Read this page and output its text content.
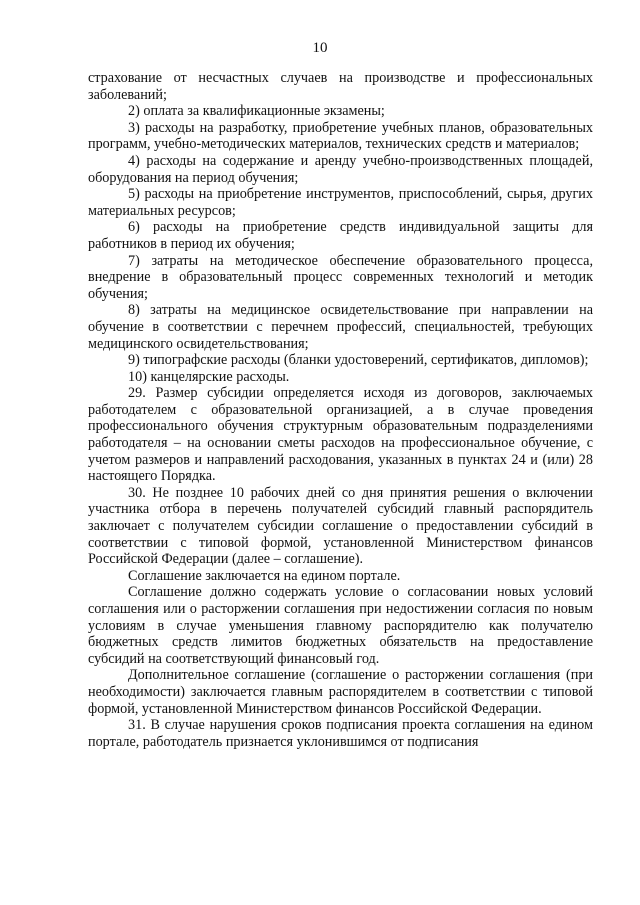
10

страхование от несчастных случаев на производстве и профессиональных заболеваний;

2) оплата за квалификационные экзамены;

3) расходы на разработку, приобретение учебных планов, образовательных программ, учебно-методических материалов, технических средств и материалов;

4) расходы на содержание и аренду учебно-производственных площадей, оборудования на период обучения;

5) расходы на приобретение инструментов, приспособлений, сырья, других материальных ресурсов;

6) расходы на приобретение средств индивидуальной защиты для работников в период их обучения;

7) затраты на методическое обеспечение образовательного процесса, внедрение в образовательный процесс современных технологий и методик обучения;

8) затраты на медицинское освидетельствование при направлении на обучение в соответствии с перечнем профессий, специальностей, требующих медицинского освидетельствования;

9) типографские расходы (бланки удостоверений, сертификатов, дипломов);

10) канцелярские расходы.

29. Размер субсидии определяется исходя из договоров, заключаемых работодателем с образовательной организацией, а в случае проведения профессионального обучения структурным образовательным подразделениями работодателя – на основании сметы расходов на профессиональное обучение, с учетом размеров и направлений расходования, указанных в пунктах 24 и (или) 28 настоящего Порядка.

30. Не позднее 10 рабочих дней со дня принятия решения о включении участника отбора в перечень получателей субсидий главный распорядитель заключает с получателем субсидии соглашение о предоставлении субсидий в соответствии с типовой формой, установленной Министерством финансов Российской Федерации (далее – соглашение).

Соглашение заключается на едином портале.

Соглашение должно содержать условие о согласовании новых условий соглашения или о расторжении соглашения при недостижении согласия по новым условиям в случае уменьшения главному распорядителю как получателю бюджетных средств лимитов бюджетных обязательств на предоставление субсидий на соответствующий финансовый год.

Дополнительное соглашение (соглашение о расторжении соглашения (при необходимости) заключается главным распорядителем в соответствии с типовой формой, установленной Министерством финансов Российской Федерации.

31. В случае нарушения сроков подписания проекта соглашения на едином портале, работодатель признается уклонившимся от подписания
